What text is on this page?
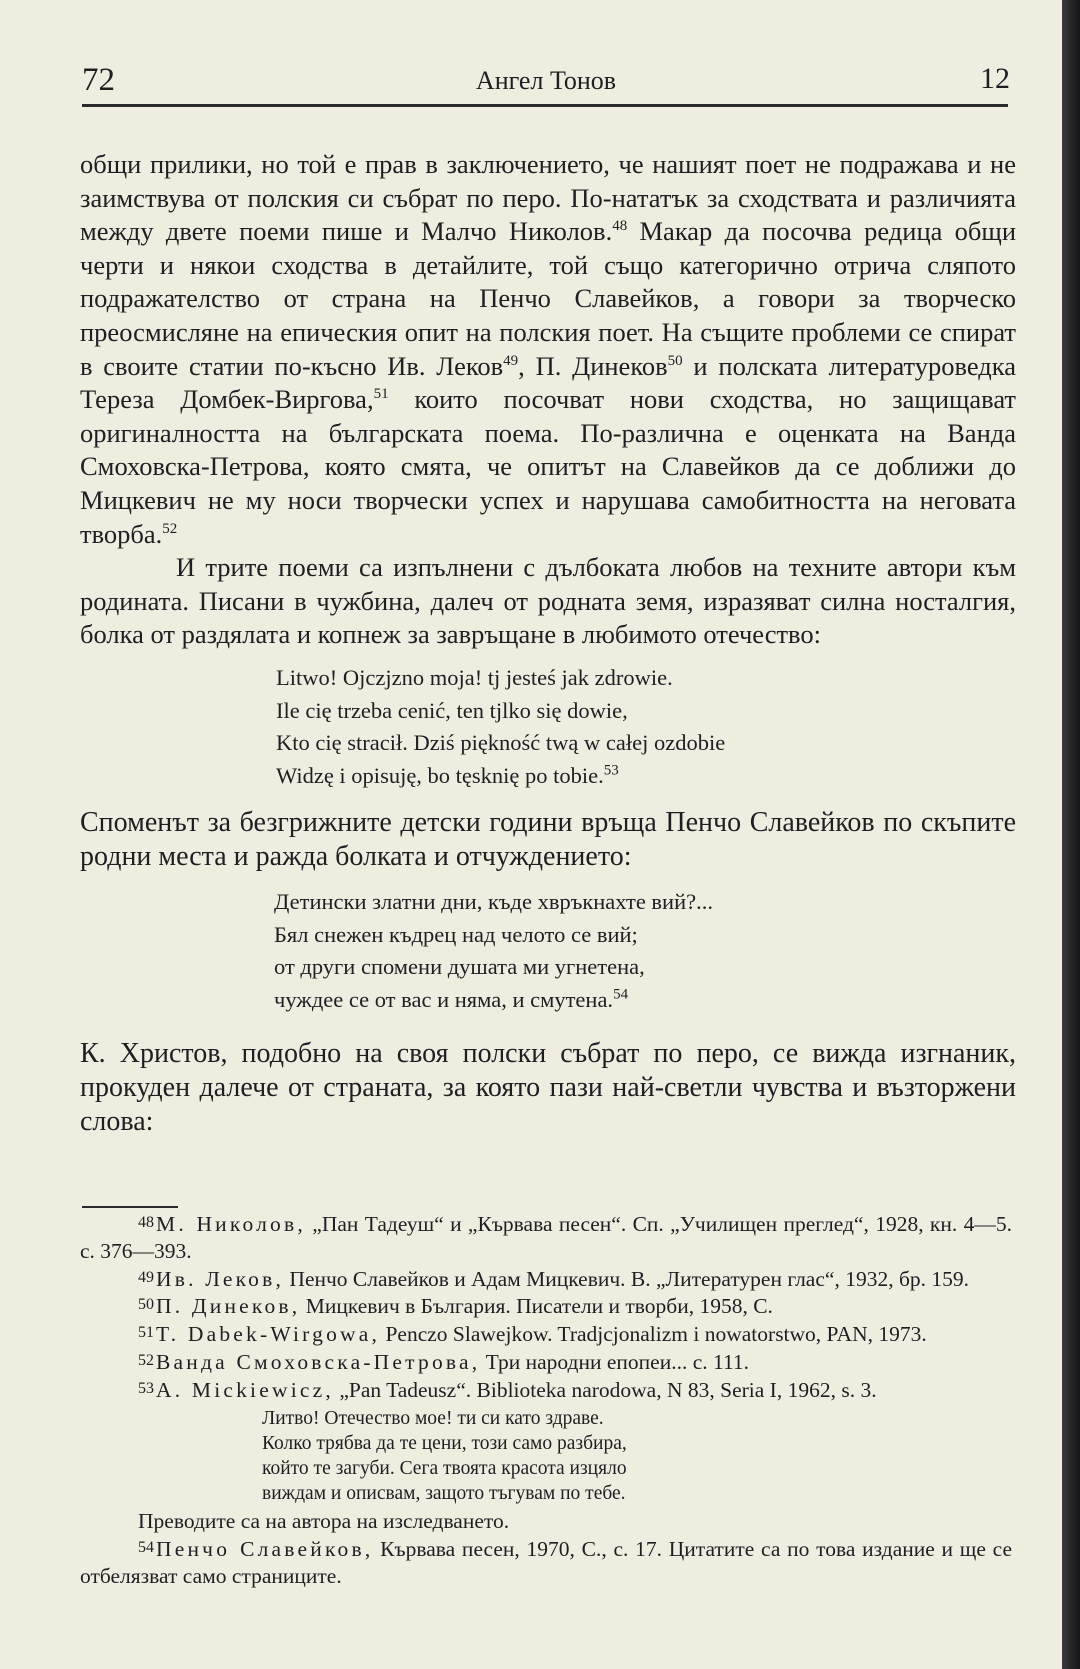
72	Ангел Тонов	12

общи прилики, но той е прав в заключението, че нашият поет не подражава и не заимствува от полския си събрат по перо. По-нататък за сходствата и различията между двете поеми пише и Малчо Николов.$^{48}$ Макар да посочва редица общи черти и някои сходства в детайлите, той също категорично отрича сляпото подражателство от страна на Пенчо Славейков, а говори за творческо преосмисляне на епическия опит на полския поет. На същите проблеми се спират в своите статии по-късно Ив. Леков$^{49}$, П. Динеков$^{50}$ и полската литературоведка Тереза Домбек-Виргова,$^{51}$ които посочват нови сходства, но защищават оригиналността на българската поема. По-различна е оценката на Ванда Смоховска-Петрова, която смята, че опитът на Славейков да се доближи до Мицкевич не му носи творчески успех и нарушава самобитността на неговата творба.$^{52}$

И трите поеми са изпълнени с дълбоката любов на техните автори към родината. Писани в чужбина, далеч от родната земя, изразяват силна носталгия, болка от раздялата и копнеж за завръщане в любимото отечество:

Litwo! Ojczjzno moja! tj jesteś jak zdrowie.
Ile cię trzeba cenić, ten tjlko się dowie,
Kto cię stracił. Dziś piękność twą w całej ozdobie
Widzę i opisuję, bo tęsknię po tobie.$^{53}$

Споменът за безгрижните детски години връща Пенчо Славейков по скъпите родни места и ражда болката и отчуждението:

Детински златни дни, къде хвръкнахте вий?...
Бял снежен къдрец над челото се вий;
от други спомени душата ми угнетена,
чуждее се от вас и няма, и смутена.$^{54}$

К. Христов, подобно на своя полски събрат по перо, се вижда изгнаник, прокуден далече от страната, за която пази най-светли чувства и възторжени слова:

48М. Николов, „Пан Тадеуш“ и „Кървава песен“. Сп. „Училищен преглед“, 1928, кн. 4—5. с. 376—393.

49Ив. Леков, Пенчо Славейков и Адам Мицкевич. В. „Литературен глас“, 1932, бр. 159.

50П. Динеков, Мицкевич в България. Писатели и творби, 1958, С.

51T. Dabek-Wirgowa, Penczo Slawejkow. Tradjcjonalizm i nowatorstwo, PAN, 1973.

52Ванда Смоховска-Петрова, Три народни епопеи... с. 111.

53A. Mickiewicz, „Pan Tadeusz“. Biblioteka narodowa, N 83, Seria I, 1962, s. 3.

Литво! Отечество мое! ти си като здраве.
Колко трябва да те цени, този само разбира,
който те загуби. Сега твоята красота изцяло
виждам и описвам, защото тъгувам по тебе.

Преводите са на автора на изследването.

54Пенчо Славейков, Кървава песен, 1970, С., с. 17. Цитатите са по това издание и ще се отбелязват само страниците.
